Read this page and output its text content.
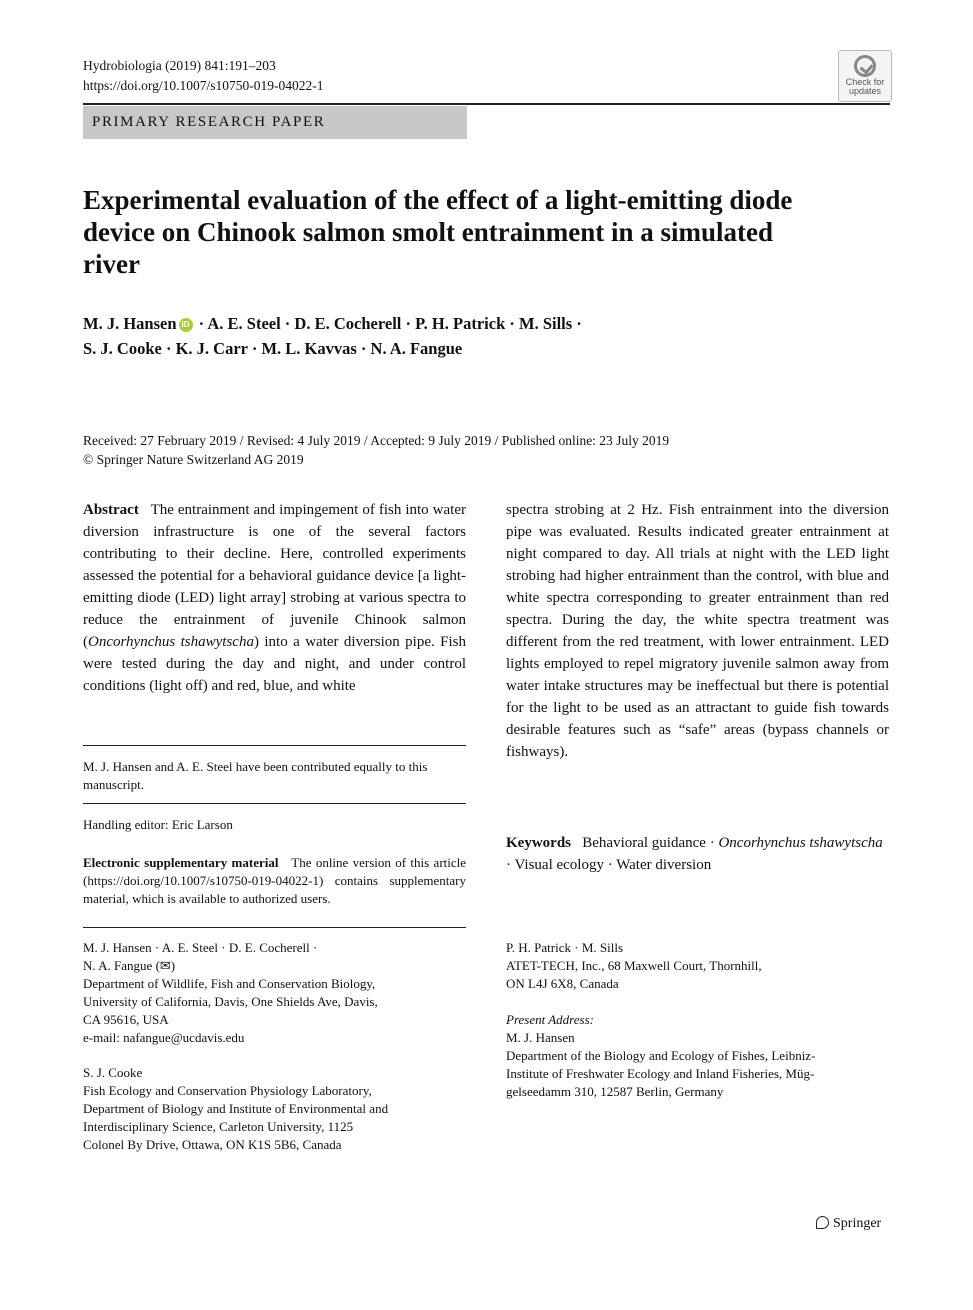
Hydrobiologia (2019) 841:191–203
https://doi.org/10.1007/s10750-019-04022-1	Check for
updates
PRIMARY RESEARCH PAPER
Experimental evaluation of the effect of a light-emitting diode device on Chinook salmon smolt entrainment in a simulated river
M. J. Hansen iD · A. E. Steel · D. E. Cocherell · P. H. Patrick · M. Sills ·
S. J. Cooke · K. J. Carr · M. L. Kavvas · N. A. Fangue
Received: 27 February 2019 / Revised: 4 July 2019 / Accepted: 9 July 2019 / Published online: 23 July 2019
© Springer Nature Switzerland AG 2019
Abstract The entrainment and impingement of fish into water diversion infrastructure is one of the several factors contributing to their decline. Here, controlled experiments assessed the potential for a behavioral guidance device [a light-emitting diode (LED) light array] strobing at various spectra to reduce the entrainment of juvenile Chinook salmon (Oncorhynchus tshawytscha) into a water diversion pipe. Fish were tested during the day and night, and under control conditions (light off) and red, blue, and white
spectra strobing at 2 Hz. Fish entrainment into the diversion pipe was evaluated. Results indicated greater entrainment at night compared to day. All trials at night with the LED light strobing had higher entrainment than the control, with blue and white spectra corresponding to greater entrainment than red spectra. During the day, the white spectra treatment was different from the red treatment, with lower entrainment. LED lights employed to repel migratory juvenile salmon away from water intake structures may be ineffectual but there is potential for the light to be used as an attractant to guide fish towards desirable features such as “safe” areas (bypass channels or fishways).
M. J. Hansen and A. E. Steel have been contributed equally to this manuscript.
Handling editor: Eric Larson
Electronic supplementary material The online version of this article (https://doi.org/10.1007/s10750-019-04022-1) contains supplementary material, which is available to authorized users.
Keywords Behavioral guidance · Oncorhynchus tshawytscha · Visual ecology · Water diversion
M. J. Hansen · A. E. Steel · D. E. Cocherell ·
N. A. Fangue (✉)
Department of Wildlife, Fish and Conservation Biology,
University of California, Davis, One Shields Ave, Davis,
CA 95616, USA
e-mail: nafangue@ucdavis.edu
S. J. Cooke
Fish Ecology and Conservation Physiology Laboratory,
Department of Biology and Institute of Environmental and
Interdisciplinary Science, Carleton University, 1125
Colonel By Drive, Ottawa, ON K1S 5B6, Canada
P. H. Patrick · M. Sills
ATET-TECH, Inc., 68 Maxwell Court, Thornhill,
ON L4J 6X8, Canada
Present Address:
M. J. Hansen
Department of the Biology and Ecology of Fishes, Leibniz-
Institute of Freshwater Ecology and Inland Fisheries, Müg-
gelseedamm 310, 12587 Berlin, Germany
Springer
